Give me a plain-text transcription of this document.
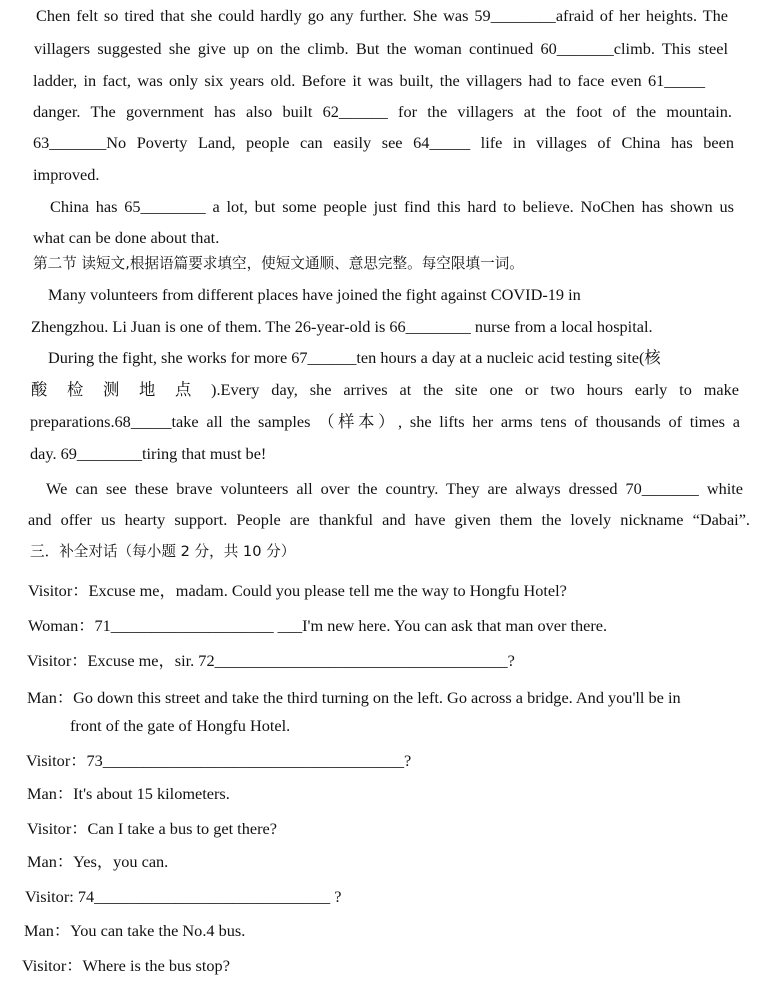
Chen felt so tired that she could hardly go any further. She was 59________afraid of her heights. The
villagers suggested she give up on the climb. But the woman continued 60_______climb. This steel
ladder, in fact, was only six years old. Before it was built, the villagers had to face even 61_____
danger. The government has also built 62______ for the villagers at the foot of the mountain.
63_______No Poverty Land, people can easily see 64_____ life in villages of China has been
improved.
China has 65________ a lot, but some people just find this hard to believe. NoChen has shown us
what can be done about that.
第二节 读短文,根据语篇要求填空，使短文通顺、意思完整。每空限填一词。
Many volunteers from different places have joined the fight against COVID-19 in
Zhengzhou. Li Juan is one of them. The 26-year-old is 66________ nurse from a local hospital.
During the fight, she works for more 67______ten hours a day at a nucleic acid testing site(核
酸 检 测 地 点 ).Every day, she arrives at the site one or two hours early to make
preparations.68_____take all the samples （样本）, she lifts her arms tens of thousands of times a
day. 69________tiring that must be!
We can see these brave volunteers all over the country. They are always dressed 70_______ white
and offer us hearty support. People are thankful and have given them the lovely nickname “Dabai”.
三．补全对话（每小题 2 分，共 10 分）
Visitor：Excuse me，madam. Could you please tell me the way to Hongfu Hotel?
Woman：71____________________ ___I'm new here. You can ask that man over there.
Visitor：Excuse me，sir. 72____________________________________?
Man：Go down this street and take the third turning on the left. Go across a bridge. And you'll be in
front of the gate of Hongfu Hotel.
Visitor：73_____________________________________?
Man：It's about 15 kilometers.
Visitor：Can I take a bus to get there?
Man：Yes，you can.
Visitor: 74_____________________________ ?
Man：You can take the No.4 bus.
Visitor：Where is the bus stop?
